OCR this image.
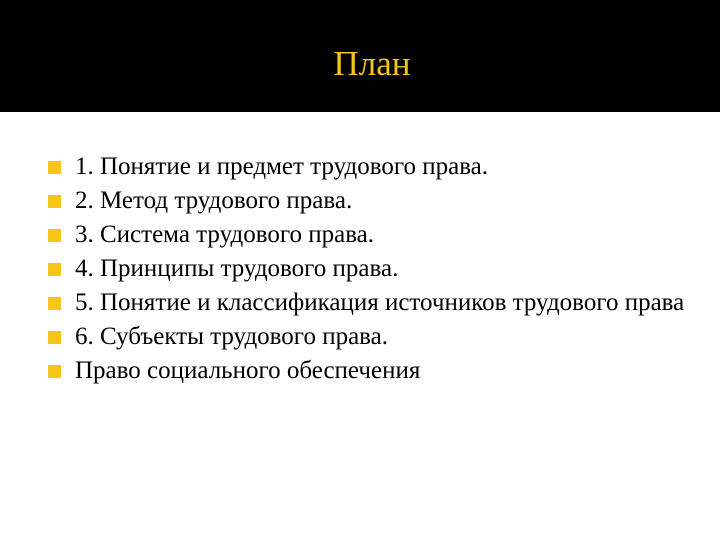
План
1. Понятие и предмет трудового права.
2. Метод трудового права.
3. Система трудового права.
4. Принципы трудового права.
5. Понятие и классификация источников трудового права
6. Субъекты трудового права.
Право социального обеспечения
